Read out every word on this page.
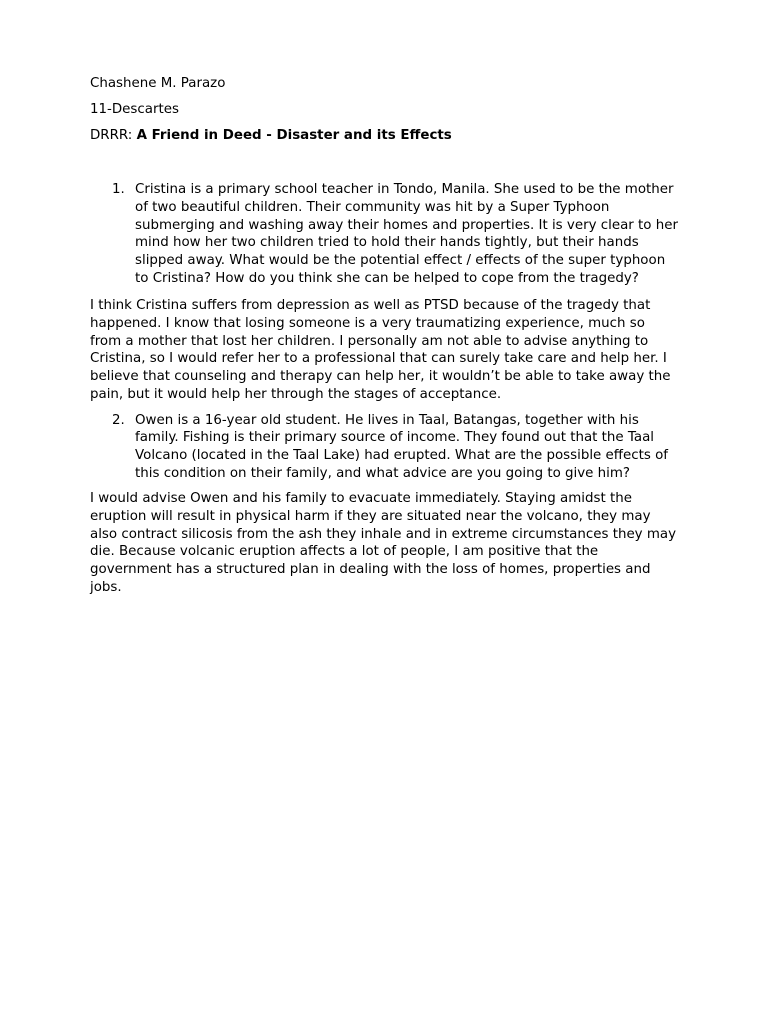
Chashene M. Parazo

11-Descartes

DRRR: A Friend in Deed - Disaster and its Effects

1. Cristina is a primary school teacher in Tondo, Manila. She used to be the mother of two beautiful children. Their community was hit by a Super Typhoon submerging and washing away their homes and properties. It is very clear to her mind how her two children tried to hold their hands tightly, but their hands slipped away. What would be the potential effect / effects of the super typhoon to Cristina? How do you think she can be helped to cope from the tragedy?

I think Cristina suffers from depression as well as PTSD because of the tragedy that happened. I know that losing someone is a very traumatizing experience, much so from a mother that lost her children. I personally am not able to advise anything to Cristina, so I would refer her to a professional that can surely take care and help her. I believe that counseling and therapy can help her, it wouldn’t be able to take away the pain, but it would help her through the stages of acceptance.

2. Owen is a 16-year old student. He lives in Taal, Batangas, together with his family. Fishing is their primary source of income. They found out that the Taal Volcano (located in the Taal Lake) had erupted. What are the possible effects of this condition on their family, and what advice are you going to give him?

I would advise Owen and his family to evacuate immediately. Staying amidst the eruption will result in physical harm if they are situated near the volcano, they may also contract silicosis from the ash they inhale and in extreme circumstances they may die. Because volcanic eruption affects a lot of people, I am positive that the government has a structured plan in dealing with the loss of homes, properties and jobs.
